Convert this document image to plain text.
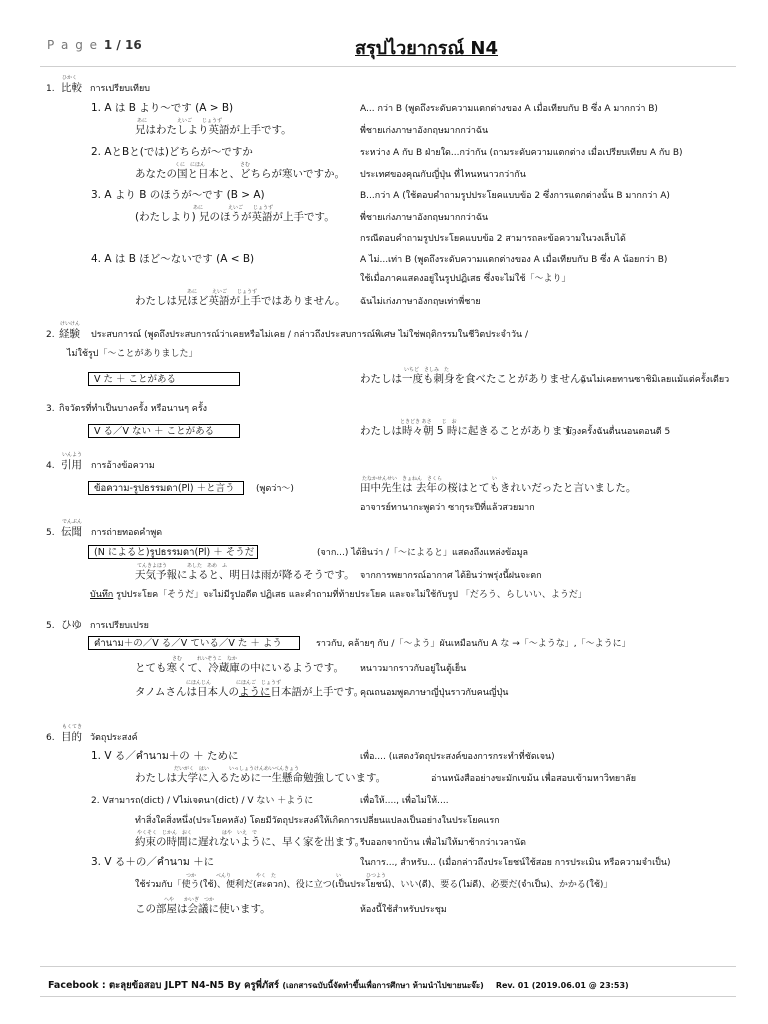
P a g e 1 / 16	สรุปไวยากรณ์ N4
ひかく
1. 比較 การเปรียบเทียบ
1. A は B より〜です (A > B)	A... กว่า B (พูดถึงระดับความแตกต่างของ A เมื่อเทียบกับ B ซึ่ง A มากกว่า B)
あに　　　　　　えいご　　じょうず
兄はわたしより英語が上手です。	พี่ชายเก่งภาษาอังกฤษมากกว่าฉัน
2. AとBと(では)どちらが〜ですか	ระหว่าง A กับ B ฝ่ายใด...กว่ากัน (ถามระดับความแตกต่าง เมื่อเปรียบเทียบ A กับ B)
くに　にほん　　　　　　　さむ
あなたの国と日本と、どちらが寒いですか。 ประเทศของคุณกับญี่ปุ่น ที่ไหนหนาวกว่ากัน
3. A より B のほうが〜です (B > A)	B...กว่า A (ใช้ตอบคำถามรูปประโยคแบบข้อ 2 ซึ่งการแตกต่างนั้น B มากกว่า A)
あに　　　　　えいご　　じょうず
(わたしより) 兄のほうが英語が上手です。	พี่ชายเก่งภาษาอังกฤษมากกว่าฉัน
กรณีตอบคำถามรูปประโยคแบบข้อ 2 สามารถละข้อความในวงเล็บได้
4. A は B ほど〜ないです (A < B)	A ไม่...เท่า B (พูดถึงระดับความแตกต่างของ A เมื่อเทียบกับ B ซึ่ง A น้อยกว่า B)
ใช้เมื่อภาคแสดงอยู่ในรูปปฏิเสธ ซึ่งจะไม่ใช้「〜より」
あに　　　えいご　　じょうず
わたしは兄ほど英語が上手ではありません。 ฉันไม่เก่งภาษาอังกฤษเท่าพี่ชาย
けいけん
2. 経験 ประสบการณ์ (พูดถึงประสบการณ์ว่าเคยหรือไม่เคย / กล่าวถึงประสบการณ์พิเศษ ไม่ใช่พฤติกรรมในชีวิตประจำวัน /
ไม่ใช้รูป「〜ことがありました」
V た ＋ ことがある
いちど　さしみ　た
わたしは一度も刺身を食べたことがありません。
ฉันไม่เคยทานซาชิมิเลยแม้แต่ครั้งเดียว
3. กิจวัตรที่ทำเป็นบางครั้ง หรือนานๆ ครั้ง
V る／V ない ＋ ことがある
ときどき あさ　　じ　お
わたしは時々朝 5 時に起きることがあります。
บางครั้งฉันตื่นนอนตอนตี 5
いんよう
4. 引用 การอ้างข้อความ
ข้อความ-รูปธรรมดา(Pl) ＋と言う	(พูดว่า〜)
たなかせんせい　きょねん　さくら　　　　　　　　　　い
田中先生は 去年の桜はとてもきれいだったと言いました。
อาจารย์ทานากะพูดว่า ซากุระปีที่แล้วสวยมาก
でんぶん
5. 伝聞 การถ่ายทอดคำพูด
(N によると)รูปธรรมดา(Pl) ＋ そうだ	(จาก...) ได้ยินว่า /「〜によると」แสดงถึงแหล่งข้อมูล
てんきよほう　　　　あした　あめ　ふ
天気予報によると、明日は雨が降るそうです。 จากการพยากรณ์อากาศ ได้ยินว่าพรุ่งนี้ฝนจะตก
บันทึก รูปประโยค「そうだ」จะไม่มีรูปอดีต ปฏิเสธ และคำถามที่ท้ายประโยค และจะไม่ใช้กับรูป 「だろう、らしいい、ようだ」
5. ひゆ การเปรียบเปรย
คำนาม＋の／V る／V ている／V た ＋ よう	ราวกับ, คล้ายๆ กับ /「〜よう」ผันเหมือนกับ A な →「〜ような」,「〜ように」
さむ　　　れいぞうこ　なか
とても寒くて、冷蔵庫の中にいるようです。 หนาวมากราวกับอยู่ในตู้เย็น
にほんじん　　　　　にほんご　じょうず
タノムさんは日本人のように日本語が上手です。
คุณถนอมพูดภาษาญี่ปุ่นราวกับคนญี่ปุ่น
もくてき
6. 目的 วัตถุประสงค์
1. V る／คำนาม＋の ＋ ために	เพื่อ.... (แสดงวัตถุประสงค์ของการกระทำที่ชัดเจน)
だいがく　はい　　　　いっしょうけんめいべんきょう
わたしは大学に入るために一生懸命勉強しています。	อ่านหนังสืออย่างขะมักเขม้น เพื่อสอบเข้ามหาวิทยาลัย
2. Vสามารถ(dict) / Vไม่เจตนา(dict) / V ない ＋ように	เพื่อให้...., เพื่อไม่ให้....
ทำสิ่งใดสิ่งหนึ่ง(ประโยคหลัง) โดยมีวัตถุประสงค์ให้เกิดการเปลี่ยนแปลงเป็นอย่างในประโยคแรก
やくそく　じかん　おく　　　　　　はや　いえ　で
約束の時間に遅れないように、早く家を出ます。
รีบออกจากบ้าน เพื่อไม่ให้มาช้ากว่าเวลานัด
3. V る＋の／คำนาม ＋に	ในการ..., สำหรับ... (เมื่อกล่าวถึงประโยชน์ใช้สอย การประเมิน หรือความจำเป็น)
つか　　　　べんり　　　　　やく　た　　　　　　　　　　　　い　　　　　ひつよう
ใช้ร่วมกับ「使う(ใช้)、便利だ(สะดวก)、役に立つ(เป็นประโยชน์)、いい(ดี)、要る(ไม่ดี)、必要だ(จำเป็น)、かかる(ใช้)」
へや　　かいぎ　つか
この部屋は会議に使います。	ห้องนี้ใช้สำหรับประชุม
Facebook : ตะลุยข้อสอบ JLPT N4-N5 By ครูพี่ภัสร์ (เอกสารฉบับนี้จัดทำขึ้นเพื่อการศึกษา ห้ามนำไปขายนะจ๊ะ) Rev. 01 (2019.06.01 @ 23:53)
